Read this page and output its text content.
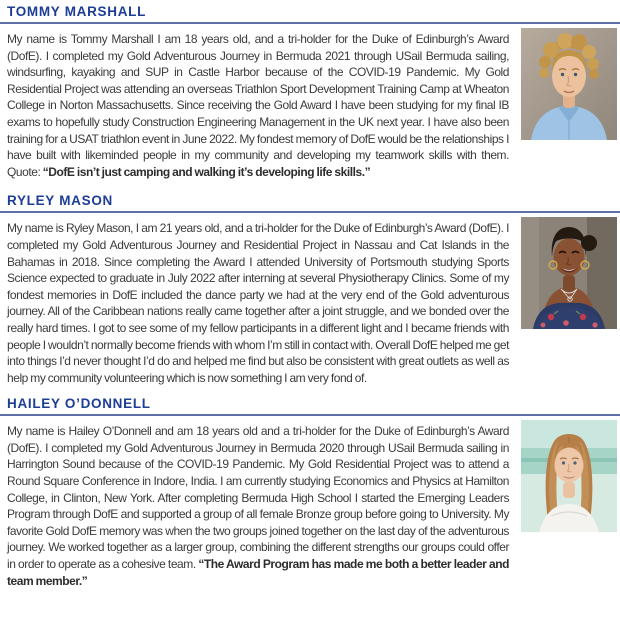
TOMMY MARSHALL

My name is Tommy Marshall I am 18 years old, and a tri-holder for the Duke of Edinburgh’s Award (DofE). I completed my Gold Adventurous Journey in Bermuda 2021 through USail Bermuda sailing, windsurfing, kayaking and SUP in Castle Harbor because of the COVID-19 Pandemic. My Gold Residential Project was attending an overseas Triathlon Sport Development Training Camp at Wheaton College in Norton Massachusetts. Since receiving the Gold Award I have been studying for my final IB exams to hopefully study Construction Engineering Management in the UK next year. I have also been training for a USAT triathlon event in June 2022. My fondest memory of DofE would be the relationships I have built with likeminded people in my community and developing my teamwork skills with them. Quote: “DofE isn’t just camping and walking it’s developing life skills.”

RYLEY MASON

My name is Ryley Mason, I am 21 years old, and a tri-holder for the Duke of Edinburgh’s Award (DofE). I completed my Gold Adventurous Journey and Residential Project in Nassau and Cat Islands in the Bahamas in 2018. Since completing the Award I attended University of Portsmouth studying Sports Science expected to graduate in July 2022 after interning at several Physiotherapy Clinics. Some of my fondest memories in DofE included the dance party we had at the very end of the Gold adventurous journey. All of the Caribbean nations really came together after a joint struggle, and we bonded over the really hard times. I got to see some of my fellow participants in a different light and I became friends with people I wouldn’t normally become friends with whom I’m still in contact with. Overall DofE helped me get into things I’d never thought I’d do and helped me find but also be consistent with great outlets as well as help my community volunteering which is now something I am very fond of.

HAILEY O’DONNELL

My name is Hailey O’Donnell and am 18 years old and a tri-holder for the Duke of Edinburgh’s Award (DofE). I completed my Gold Adventurous Journey in Bermuda 2020 through USail Bermuda sailing in Harrington Sound because of the COVID-19 Pandemic. My Gold Residential Project was to attend a Round Square Conference in Indore, India. I am currently studying Economics and Physics at Hamilton College, in Clinton, New York. After completing Bermuda High School I started the Emerging Leaders Program through DofE and supported a group of all female Bronze group before going to University. My favorite Gold DofE memory was when the two groups joined together on the last day of the adventurous journey. We worked together as a larger group, combining the different strengths our groups could offer in order to operate as a cohesive team. “The Award Program has made me both a better leader and team member.”
